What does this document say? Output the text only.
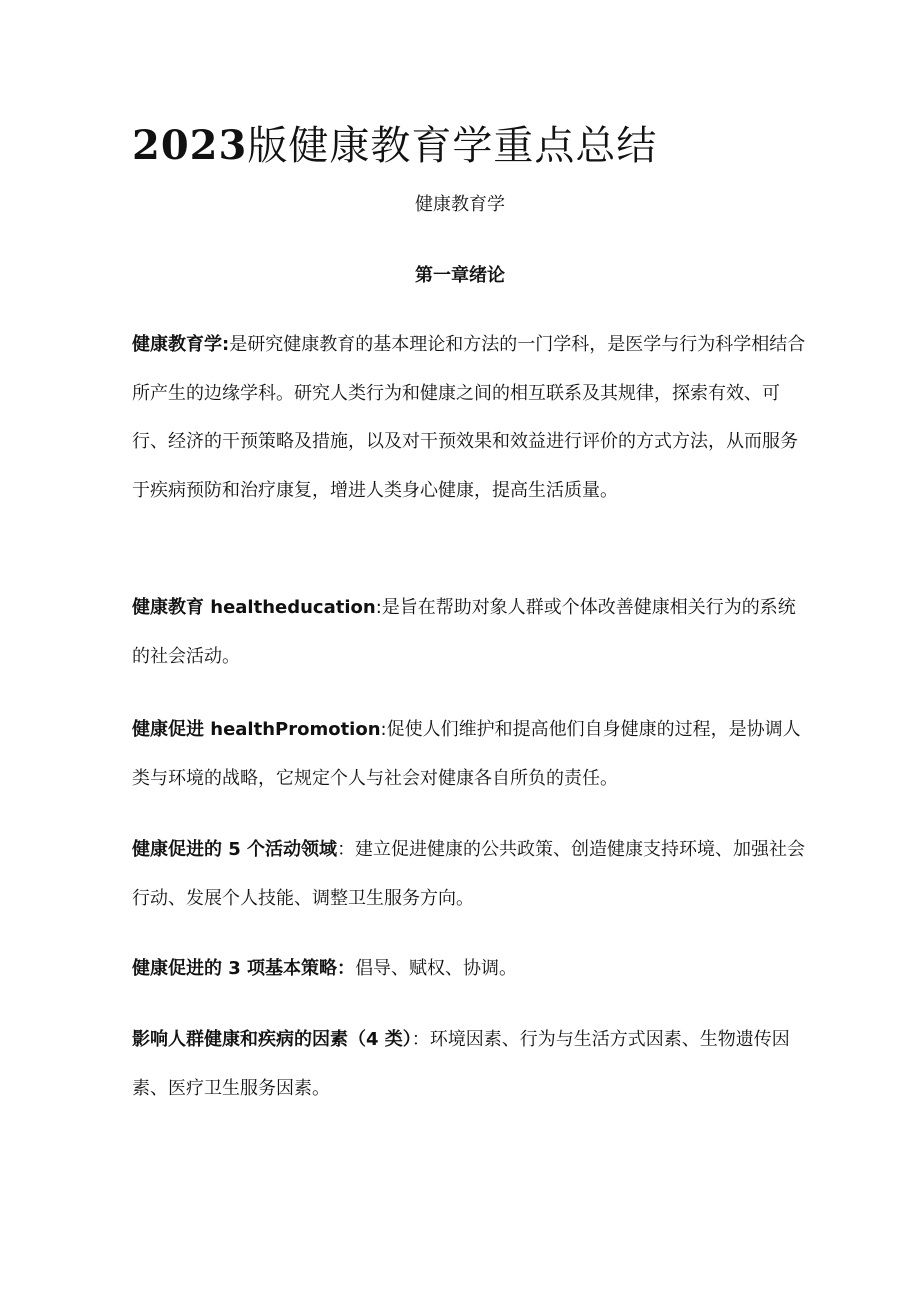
2023版健康教育学重点总结

健康教育学

第一章绪论

健康教育学:是研究健康教育的基本理论和方法的一门学科，是医学与行为科学相结合所产生的边缘学科。研究人类行为和健康之间的相互联系及其规律，探索有效、可行、经济的干预策略及措施，以及对干预效果和效益进行评价的方式方法，从而服务于疾病预防和治疗康复，增进人类身心健康，提高生活质量。

健康教育 healtheducation:是旨在帮助对象人群或个体改善健康相关行为的系统的社会活动。

健康促进 healthPromotion:促使人们维护和提高他们自身健康的过程，是协调人类与环境的战略，它规定个人与社会对健康各自所负的责任。

健康促进的 5 个活动领域：建立促进健康的公共政策、创造健康支持环境、加强社会行动、发展个人技能、调整卫生服务方向。

健康促进的 3 项基本策略：倡导、赋权、协调。

影响人群健康和疾病的因素（4 类）：环境因素、行为与生活方式因素、生物遗传因素、医疗卫生服务因素。
